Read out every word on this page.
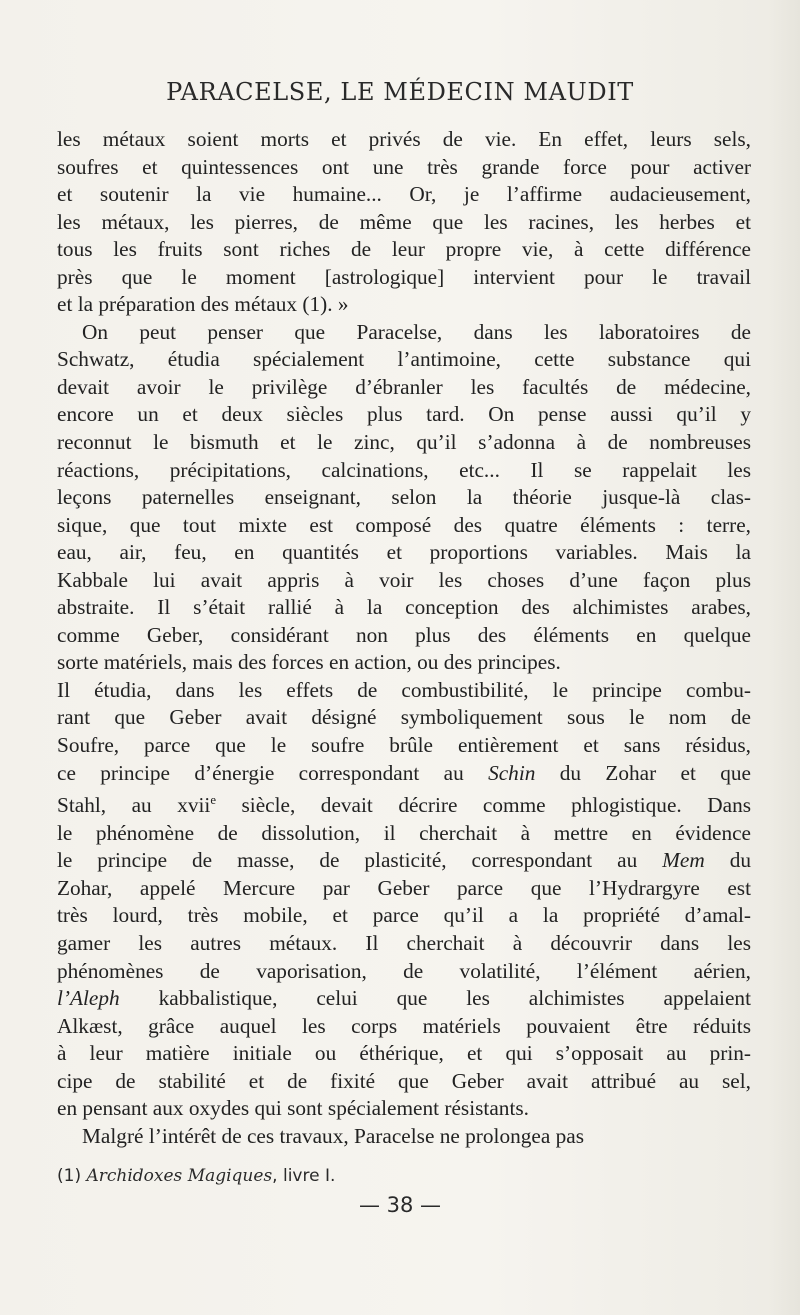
PARACELSE, LE MÉDECIN MAUDIT
les métaux soient morts et privés de vie. En effet, leurs sels,
soufres et quintessences ont une très grande force pour activer
et soutenir la vie humaine... Or, je l’affirme audacieusement,
les métaux, les pierres, de même que les racines, les herbes et
tous les fruits sont riches de leur propre vie, à cette différence
près que le moment [astrologique] intervient pour le travail
et la préparation des métaux (1). »
On peut penser que Paracelse, dans les laboratoires de
Schwatz, étudia spécialement l’antimoine, cette substance qui
devait avoir le privilège d’ébranler les facultés de médecine,
encore un et deux siècles plus tard. On pense aussi qu’il y
reconnut le bismuth et le zinc, qu’il s’adonna à de nombreuses
réactions, précipitations, calcinations, etc... Il se rappelait les
leçons paternelles enseignant, selon la théorie jusque-là clas-
sique, que tout mixte est composé des quatre éléments : terre,
eau, air, feu, en quantités et proportions variables. Mais la
Kabbale lui avait appris à voir les choses d’une façon plus
abstraite. Il s’était rallié à la conception des alchimistes arabes,
comme Geber, considérant non plus des éléments en quelque
sorte matériels, mais des forces en action, ou des principes.
Il étudia, dans les effets de combustibilité, le principe combu-
rant que Geber avait désigné symboliquement sous le nom de
Soufre, parce que le soufre brûle entièrement et sans résidus,
ce principe d’énergie correspondant au Schin du Zohar et que
Stahl, au xvii$^e$ siècle, devait décrire comme phlogistique. Dans
le phénomène de dissolution, il cherchait à mettre en évidence
le principe de masse, de plasticité, correspondant au Mem du
Zohar, appelé Mercure par Geber parce que l’Hydrargyre est
très lourd, très mobile, et parce qu’il a la propriété d’amal-
gamer les autres métaux. Il cherchait à découvrir dans les
phénomènes de vaporisation, de volatilité, l’élément aérien,
l’Aleph kabbalistique, celui que les alchimistes appelaient
Alkæst, grâce auquel les corps matériels pouvaient être réduits
à leur matière initiale ou éthérique, et qui s’opposait au prin-
cipe de stabilité et de fixité que Geber avait attribué au sel,
en pensant aux oxydes qui sont spécialement résistants.
Malgré l’intérêt de ces travaux, Paracelse ne prolongea pas
(1) Archidoxes Magiques, livre I.
— 38 —
